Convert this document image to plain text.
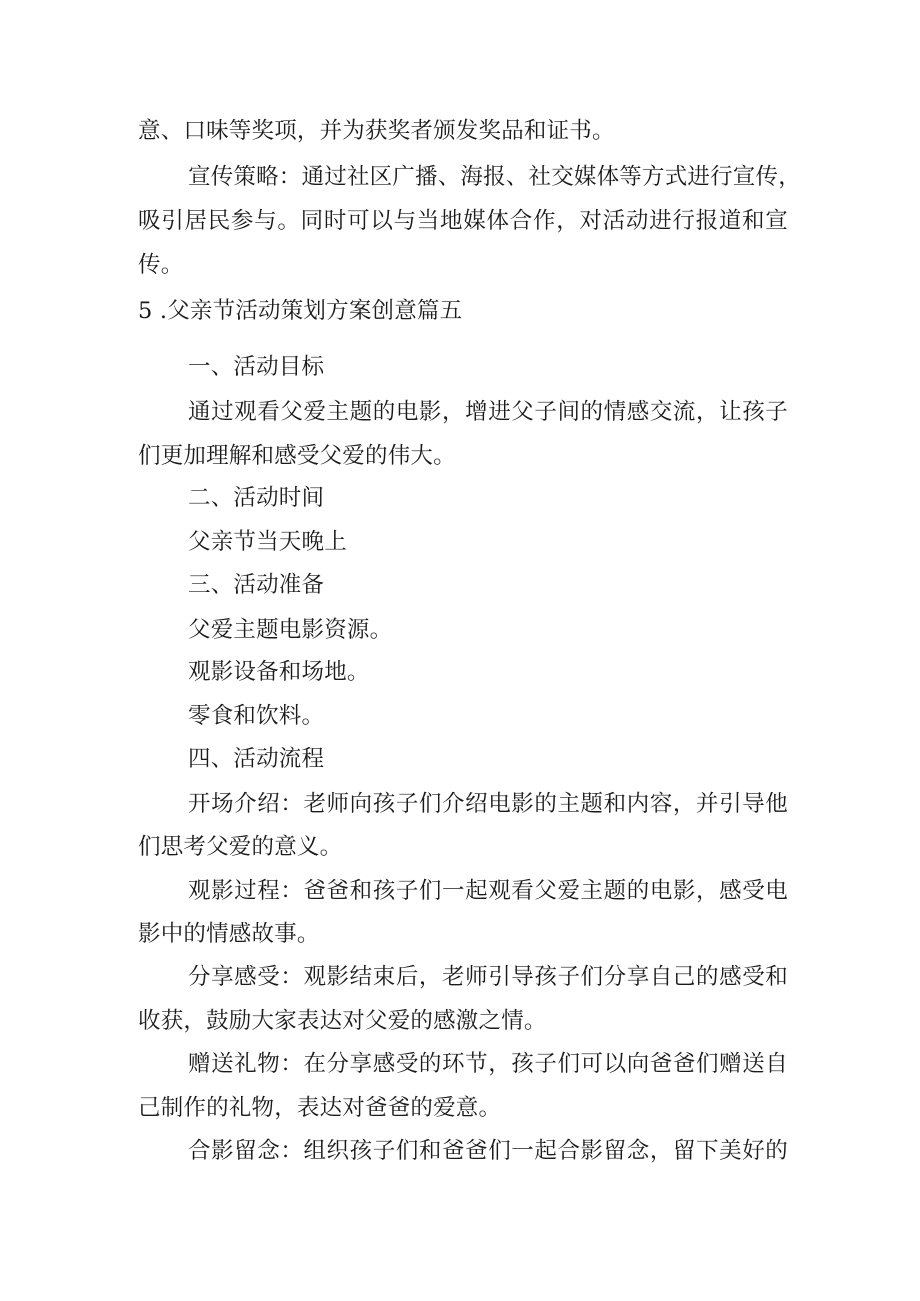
意、口味等奖项，并为获奖者颁发奖品和证书。
宣传策略：通过社区广播、海报、社交媒体等方式进行宣传，
吸引居民参与。同时可以与当地媒体合作，对活动进行报道和宣
传。
5 .父亲节活动策划方案创意篇五
一、活动目标
通过观看父爱主题的电影，增进父子间的情感交流，让孩子
们更加理解和感受父爱的伟大。
二、活动时间
父亲节当天晚上
三、活动准备
父爱主题电影资源。
观影设备和场地。
零食和饮料。
四、活动流程
开场介绍：老师向孩子们介绍电影的主题和内容，并引导他
们思考父爱的意义。
观影过程：爸爸和孩子们一起观看父爱主题的电影，感受电
影中的情感故事。
分享感受：观影结束后，老师引导孩子们分享自己的感受和
收获，鼓励大家表达对父爱的感激之情。
赠送礼物：在分享感受的环节，孩子们可以向爸爸们赠送自
己制作的礼物，表达对爸爸的爱意。
合影留念：组织孩子们和爸爸们一起合影留念，留下美好的
